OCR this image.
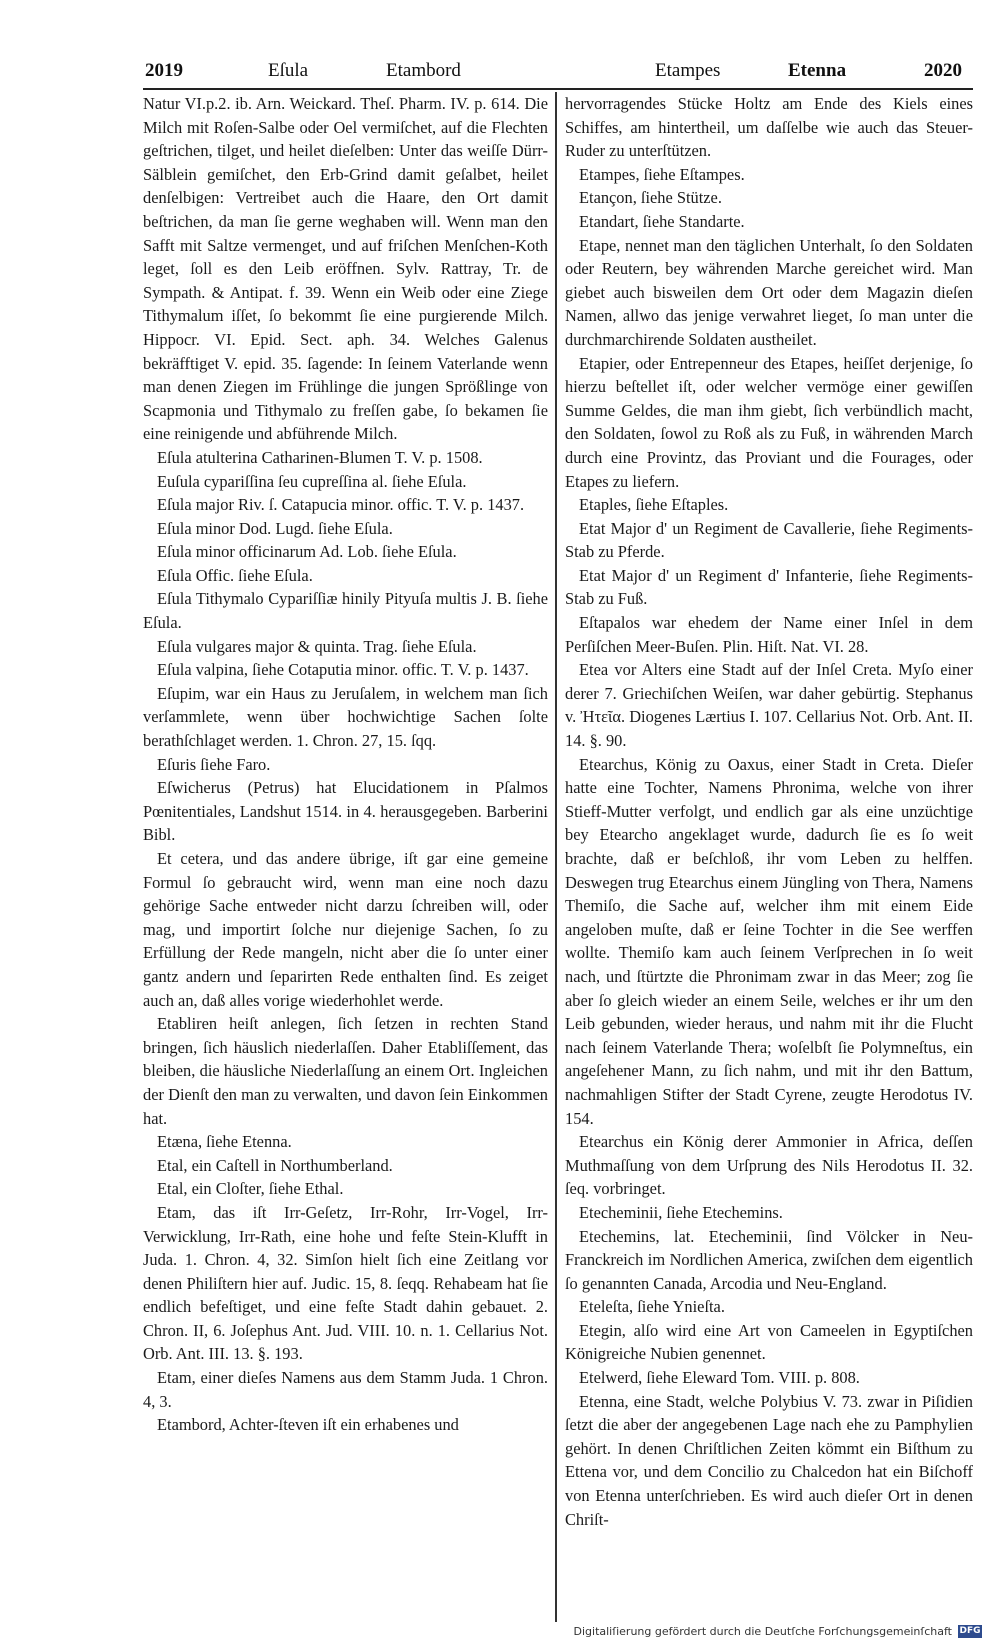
2019	Eſula	Etambord	Etampes	Etenna	2020

Natur VI.p.2. ib. Arn. Weickard. Theſ. Pharm. IV. p. 614. Die Milch mit Roſen-Salbe oder Oel vermiſchet, auf die Flechten geſtrichen, tilget, und heilet dieſelben: Unter das weiſſe Dürr-Sälblein gemiſchet, den Erb-Grind damit geſalbet, heilet denſelbigen: Vertreibet auch die Haare, den Ort damit beſtrichen, da man ſie gerne weghaben will. Wenn man den Safft mit Saltze vermenget, und auf friſchen Menſchen-Koth leget, ſoll es den Leib eröffnen. Sylv. Rattray, Tr. de Sympath. & Antipat. f. 39. Wenn ein Weib oder eine Ziege Tithymalum iſſet, ſo bekommt ſie eine purgierende Milch. Hippocr. VI. Epid. Sect. aph. 34. Welches Galenus bekräfftiget V. epid. 35. ſagende: In ſeinem Vaterlande wenn man denen Ziegen im Frühlinge die jungen Sprößlinge von Scapmonia und Tithymalo zu freſſen gabe, ſo bekamen ſie eine reinigende und abführende Milch.

Eſula atulterina Catharinen-Blumen T. V. p. 1508.

Euſula cypariſſina ſeu cupreſſina al. ſiehe Eſula.

Eſula major Riv. ſ. Catapucia minor. offic. T. V. p. 1437.

Eſula minor Dod. Lugd. ſiehe Eſula.

Eſula minor officinarum Ad. Lob. ſiehe Eſula.

Eſula Offic. ſiehe Eſula.

Eſula Tithymalo Cypariſſiæ hinily Pityuſa multis J. B. ſiehe Eſula.

Eſula vulgares major & quinta. Trag. ſiehe Eſula.

Eſula valpina, ſiehe Cotaputia minor. offic. T. V. p. 1437.

Eſupim, war ein Haus zu Jeruſalem, in welchem man ſich verſammlete, wenn über hochwichtige Sachen ſolte berathſchlaget werden. 1. Chron. 27, 15. ſqq.

Eſuris ſiehe Faro.

Eſwicherus (Petrus) hat Elucidationem in Pſalmos Pœnitentiales, Landshut 1514. in 4. herausgegeben. Barberini Bibl.

Et cetera, und das andere übrige, iſt gar eine gemeine Formul ſo gebraucht wird, wenn man eine noch dazu gehörige Sache entweder nicht darzu ſchreiben will, oder mag, und importirt ſolche nur diejenige Sachen, ſo zu Erfüllung der Rede mangeln, nicht aber die ſo unter einer gantz andern und ſeparirten Rede enthalten ſind. Es zeiget auch an, daß alles vorige wiederhohlet werde.

Etabliren heiſt anlegen, ſich ſetzen in rechten Stand bringen, ſich häuslich niederlaſſen. Daher Etabliſſement, das bleiben, die häusliche Niederlaſſung an einem Ort. Ingleichen der Dienſt den man zu verwalten, und davon ſein Einkommen hat.

Etæna, ſiehe Etenna.

Etal, ein Caſtell in Northumberland.

Etal, ein Cloſter, ſiehe Ethal.

Etam, das iſt Irr-Geſetz, Irr-Rohr, Irr-Vogel, Irr-Verwicklung, Irr-Rath, eine hohe und feſte Stein-Klufft in Juda. 1. Chron. 4, 32. Simſon hielt ſich eine Zeitlang vor denen Philiſtern hier auf. Judic. 15, 8. ſeqq. Rehabeam hat ſie endlich befeſtiget, und eine feſte Stadt dahin gebauet. 2. Chron. II, 6. Joſephus Ant. Jud. VIII. 10. n. 1. Cellarius Not. Orb. Ant. III. 13. §. 193.

Etam, einer dieſes Namens aus dem Stamm Juda. 1 Chron. 4, 3.

Etambord, Achter-ſteven iſt ein erhabenes und

hervorragendes Stücke Holtz am Ende des Kiels eines Schiffes, am hintertheil, um daſſelbe wie auch das Steuer-Ruder zu unterſtützen.

Etampes, ſiehe Eſtampes.

Etançon, ſiehe Stütze.

Etandart, ſiehe Standarte.

Etape, nennet man den täglichen Unterhalt, ſo den Soldaten oder Reutern, bey währenden Marche gereichet wird. Man giebet auch bisweilen dem Ort oder dem Magazin dieſen Namen, allwo das jenige verwahret lieget, ſo man unter die durchmarchirende Soldaten austheilet.

Etapier, oder Entrepenneur des Etapes, heiſſet derjenige, ſo hierzu beſtellet iſt, oder welcher vermöge einer gewiſſen Summe Geldes, die man ihm giebt, ſich verbündlich macht, den Soldaten, ſowol zu Roß als zu Fuß, in währenden March durch eine Provintz, das Proviant und die Fourages, oder Etapes zu liefern.

Etaples, ſiehe Eſtaples.

Etat Major d' un Regiment de Cavallerie, ſiehe Regiments-Stab zu Pferde.

Etat Major d' un Regiment d' Infanterie, ſiehe Regiments-Stab zu Fuß.

Eſtapalos war ehedem der Name einer Inſel in dem Perſiſchen Meer-Buſen. Plin. Hiſt. Nat. VI. 28.

Etea vor Alters eine Stadt auf der Inſel Creta. Myſo einer derer 7. Griechiſchen Weiſen, war daher gebürtig. Stephanus v. Ἠτεῖα. Diogenes Lærtius I. 107. Cellarius Not. Orb. Ant. II. 14. §. 90.

Etearchus, König zu Oaxus, einer Stadt in Creta. Dieſer hatte eine Tochter, Namens Phronima, welche von ihrer Stieff-Mutter verfolgt, und endlich gar als eine unzüchtige bey Etearcho angeklaget wurde, dadurch ſie es ſo weit brachte, daß er beſchloß, ihr vom Leben zu helffen. Deswegen trug Etearchus einem Jüngling von Thera, Namens Themiſo, die Sache auf, welcher ihm mit einem Eide angeloben muſte, daß er ſeine Tochter in die See werffen wollte. Themiſo kam auch ſeinem Verſprechen in ſo weit nach, und ſtürtzte die Phronimam zwar in das Meer; zog ſie aber ſo gleich wieder an einem Seile, welches er ihr um den Leib gebunden, wieder heraus, und nahm mit ihr die Flucht nach ſeinem Vaterlande Thera; woſelbſt ſie Polymneſtus, ein angeſehener Mann, zu ſich nahm, und mit ihr den Battum, nachmahligen Stifter der Stadt Cyrene, zeugte Herodotus IV. 154.

Etearchus ein König derer Ammonier in Africa, deſſen Muthmaſſung von dem Urſprung des Nils Herodotus II. 32. ſeq. vorbringet.

Etecheminii, ſiehe Etechemins.

Etechemins, lat. Etecheminii, ſind Völcker in Neu-Franckreich im Nordlichen America, zwiſchen dem eigentlich ſo genannten Canada, Arcodia und Neu-England.

Eteleſta, ſiehe Ynieſta.

Etegin, alſo wird eine Art von Cameelen in Egyptiſchen Königreiche Nubien genennet.

Etelwerd, ſiehe Eleward Tom. VIII. p. 808.

Etenna, eine Stadt, welche Polybius V. 73. zwar in Piſidien ſetzt die aber der angegebenen Lage nach ehe zu Pamphylien gehört. In denen Chriſtlichen Zeiten kömmt ein Biſthum zu Ettena vor, und dem Concilio zu Chalcedon hat ein Biſchoff von Etenna unterſchrieben. Es wird auch dieſer Ort in denen Chriſt-

Digitaliſierung gefördert durch die Deutſche Forſchungsgemeinſchaft DFG
